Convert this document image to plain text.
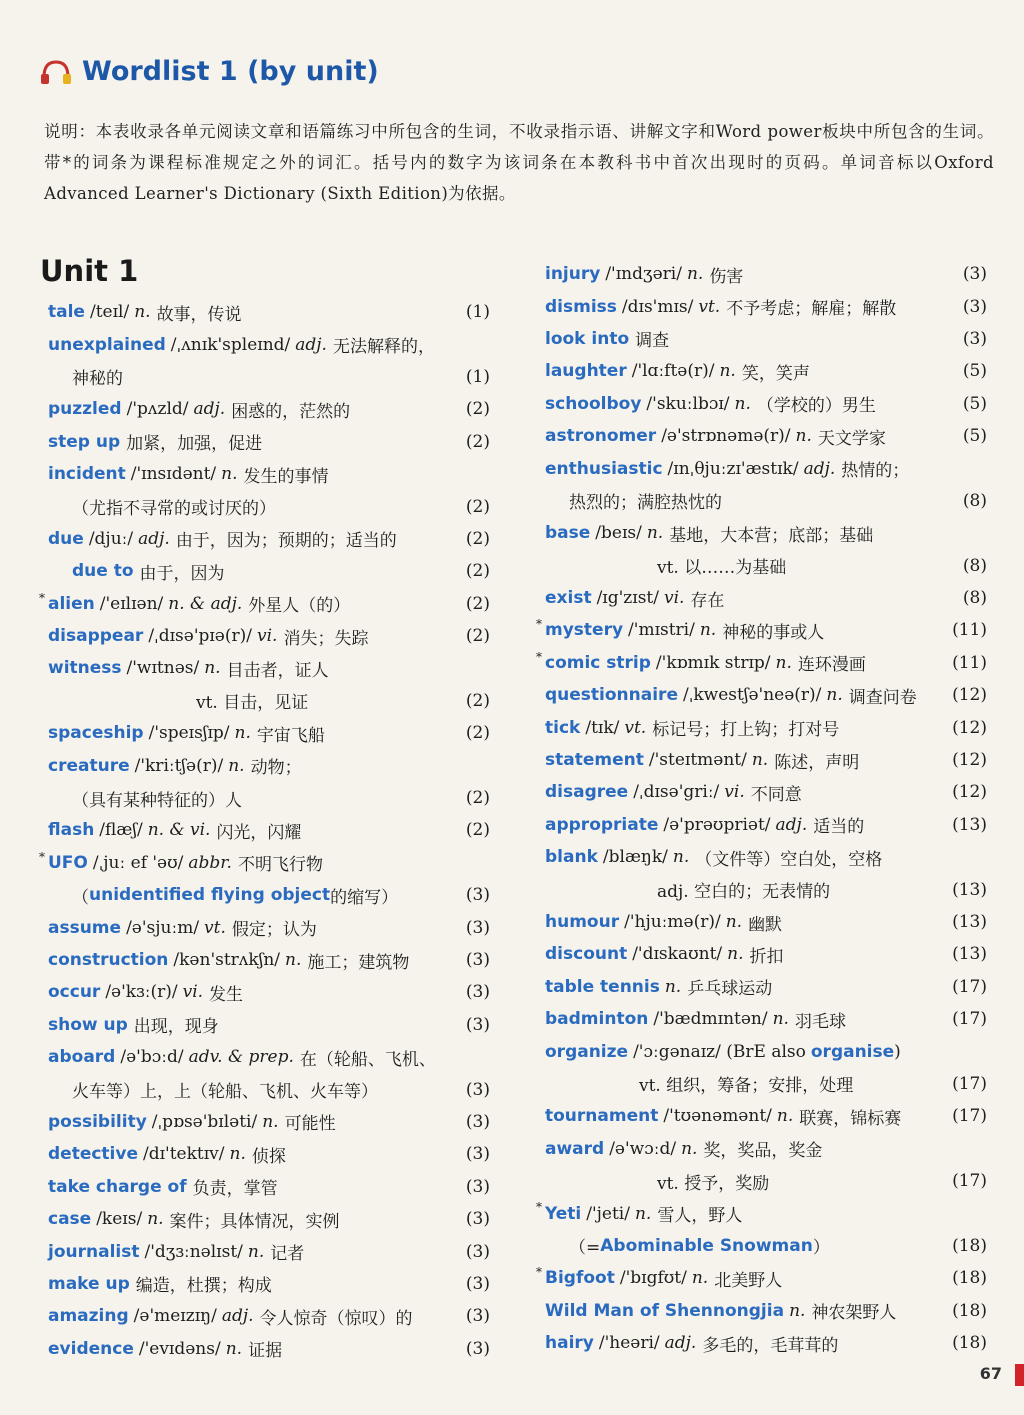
Wordlist 1 (by unit)
说明：本表收录各单元阅读文章和语篇练习中所包含的生词，不收录指示语、讲解文字和Word power板块中所包含的生词。带*的词条为课程标准规定之外的词汇。括号内的数字为该词条在本教科书中首次出现时的页码。单词音标以Oxford Advanced Learner's Dictionary (Sixth Edition)为依据。
Unit 1
tale /teɪl/ n. 故事，传说	(1)
unexplained /ˌʌnɪk'spleɪnd/ adj. 无法解释的，
神秘的	(1)
puzzled /'pʌzld/ adj. 困惑的，茫然的	(2)
step up 加紧，加强，促进	(2)
incident /'ɪnsɪdənt/ n. 发生的事情
（尤指不寻常的或讨厌的）	(2)
due /djuː/ adj. 由于，因为；预期的；适当的	(2)
due to 由于，因为	(2)
* alien /'eɪlɪən/ n. & adj. 外星人（的）	(2)
disappear /ˌdɪsə'pɪə(r)/ vi. 消失；失踪	(2)
witness /'wɪtnəs/ n. 目击者，证人
vt. 目击，见证	(2)
spaceship /'speɪsʃɪp/ n. 宇宙飞船	(2)
creature /'kriːtʃə(r)/ n. 动物；
（具有某种特征的）人	(2)
flash /flæʃ/ n. & vi. 闪光，闪耀	(2)
* UFO /ˌjuː ef 'əʊ/ abbr. 不明飞行物
（ unidentified flying object 的缩写）	(3)
assume /ə'sjuːm/ vt. 假定；认为	(3)
construction /kən'strʌkʃn/ n. 施工；建筑物	(3)
occur /ə'kɜː(r)/ vi. 发生	(3)
show up 出现，现身	(3)
aboard /ə'bɔːd/ adv. & prep. 在（轮船、飞机、
火车等）上，上（轮船、飞机、火车等）	(3)
possibility /ˌpɒsə'bɪləti/ n. 可能性	(3)
detective /dɪ'tektɪv/ n. 侦探	(3)
take charge of 负责，掌管	(3)
case /keɪs/ n. 案件；具体情况，实例	(3)
journalist /'dʒɜːnəlɪst/ n. 记者	(3)
make up 编造，杜撰；构成	(3)
amazing /ə'meɪzɪŋ/ adj. 令人惊奇（惊叹）的	(3)
evidence /'evɪdəns/ n. 证据	(3)
injury /'ɪndʒəri/ n. 伤害	(3)
dismiss /dɪs'mɪs/ vt. 不予考虑；解雇；解散	(3)
look into 调查	(3)
laughter /'lɑːftə(r)/ n. 笑，笑声	(5)
schoolboy /'skuːlbɔɪ/ n. （学校的）男生	(5)
astronomer /ə'strɒnəmə(r)/ n. 天文学家	(5)
enthusiastic /ɪnˌθjuːzɪ'æstɪk/ adj. 热情的；
热烈的；满腔热忱的	(8)
base /beɪs/ n. 基地，大本营；底部；基础
vt. 以……为基础	(8)
exist /ɪg'zɪst/ vi. 存在	(8)
* mystery /'mɪstri/ n. 神秘的事或人	(11)
* comic strip /'kɒmɪk strɪp/ n. 连环漫画	(11)
questionnaire /ˌkwestʃə'neə(r)/ n. 调查问卷 (12)
tick /tɪk/ vt. 标记号；打上钩；打对号	(12)
statement /'steɪtmənt/ n. 陈述，声明	(12)
disagree /ˌdɪsə'griː/ vi. 不同意	(12)
appropriate /ə'prəʊpriət/ adj. 适当的	(13)
blank /blæŋk/ n. （文件等）空白处，空格
adj. 空白的；无表情的	(13)
humour /'hjuːmə(r)/ n. 幽默	(13)
discount /'dɪskaʊnt/ n. 折扣	(13)
table tennis n. 乒乓球运动	(17)
badminton /'bædmɪntən/ n. 羽毛球	(17)
organize /'ɔːgənaɪz/ (BrE also organise )
vt. 组织，筹备；安排，处理	(17)
tournament /'tʊənəmənt/ n. 联赛，锦标赛	(17)
award /ə'wɔːd/ n. 奖，奖品，奖金
vt. 授予，奖励	(17)
* Yeti /'jeti/ n. 雪人，野人
（= Abominable Snowman ）	(18)
* Bigfoot /'bɪgfʊt/ n. 北美野人	(18)
Wild Man of Shennongjia n. 神农架野人	(18)
hairy /'heəri/ adj. 多毛的，毛茸茸的	(18)
67
